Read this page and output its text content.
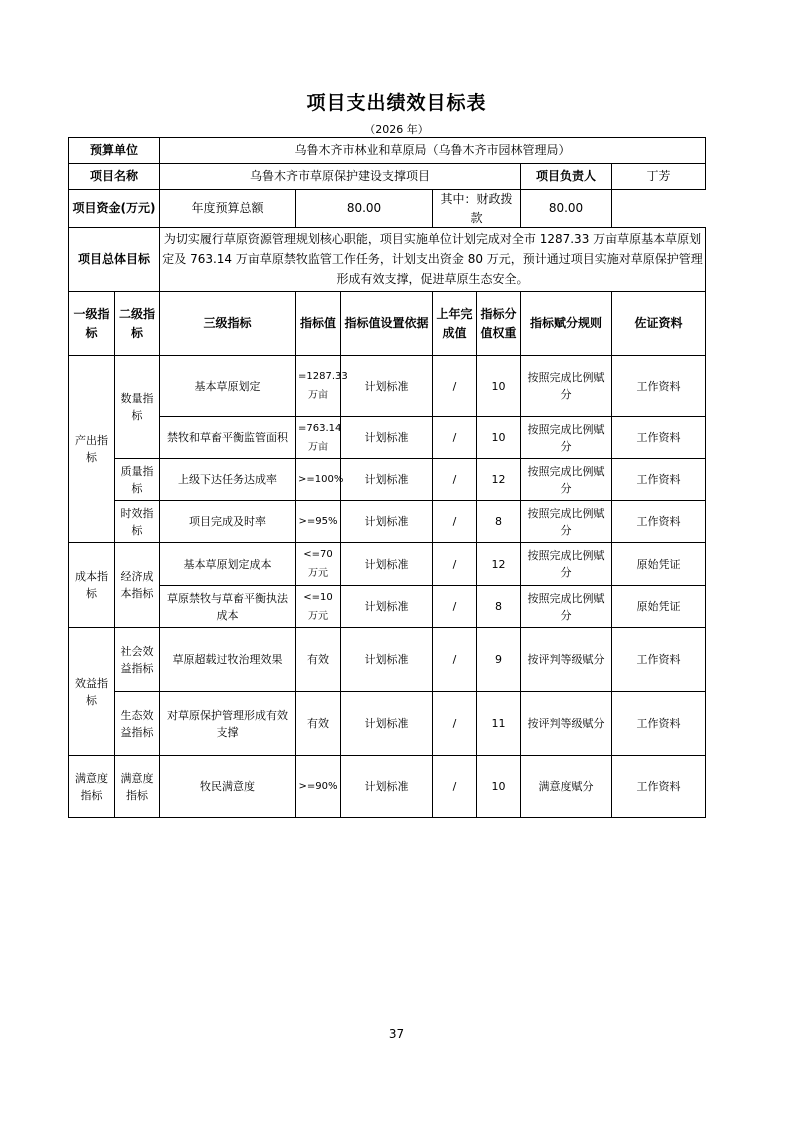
项目支出绩效目标表
（2026 年）
预算单位		乌鲁木齐市林业和草原局（乌鲁木齐市园林管理局）						
项目名称		乌鲁木齐市草原保护建设支撑项目					项目负责人	丁芳
项目资金(万元)		年度预算总额	80.00		其中：财政拨款		80.00
项目总体目标		为切实履行草原资源管理规划核心职能，项目实施单位计划完成对全市 1287.33 万亩草原基本草原划定及 763.14 万亩草原禁牧监管工作任务，计划支出资金 80 万元，预计通过项目实施对草原保护管理形成有效支撑，促进草原生态安全。						
一级指标	二级指标	三级指标	指标值	指标值设置依据	上年完成值	指标分值权重	指标赋分规则	佐证资料
产出指标	数量指标	基本草原划定	=1287.33 万亩	计划标准	/	10	按照完成比例赋分	工作资料
		禁牧和草畜平衡监管面积	=763.14 万亩	计划标准	/	10	按照完成比例赋分	工作资料
	质量指标	上级下达任务达成率	>=100%	计划标准	/	12	按照完成比例赋分	工作资料
	时效指标	项目完成及时率	>=95%	计划标准	/	8	按照完成比例赋分	工作资料
成本指标	经济成本指标	基本草原划定成本	<=70 万元	计划标准	/	12	按照完成比例赋分	原始凭证
		草原禁牧与草畜平衡执法成本	<=10 万元	计划标准	/	8	按照完成比例赋分	原始凭证
效益指标	社会效益指标	草原超载过牧治理效果	有效	计划标准	/	9	按评判等级赋分	工作资料
	生态效益指标	对草原保护管理形成有效支撑	有效	计划标准	/	11	按评判等级赋分	工作资料
满意度指标	满意度指标	牧民满意度	>=90%	计划标准	/	10	满意度赋分	工作资料
37
